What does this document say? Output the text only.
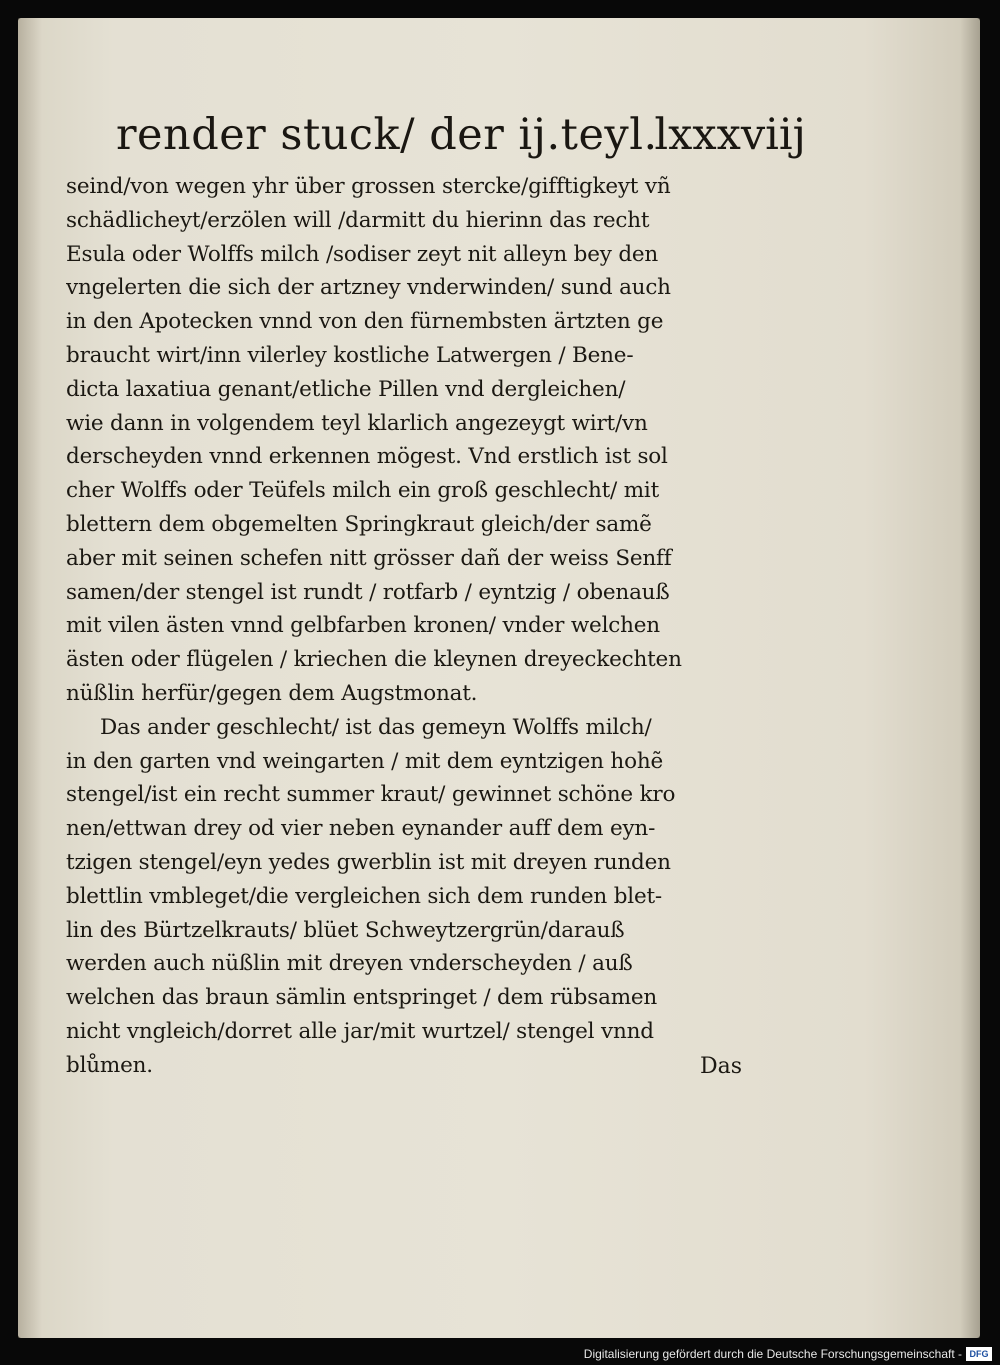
render stuck/ der ij.teyl.
lxxxviij
seind/von wegen yhr über grossen stercke/gifftigkeyt vñ
schädlicheyt/erzölen will /darmitt du hierinn das recht
Esula oder Wolffs milch /sodiser zeyt nit alleyn bey den
vngelerten die sich der artzney vnderwinden/ sund auch
in den Apotecken vnnd von den fürnembsten ärtzten ge
braucht wirt/inn vilerley kostliche Latwergen / Bene-
dicta laxatiua genant/etliche Pillen vnd dergleichen/
wie dann in volgendem teyl klarlich angezeygt wirt/vn
derscheyden vnnd erkennen mögest. Vnd erstlich ist sol
cher Wolffs oder Teüfels milch ein groß geschlecht/ mit
blettern dem obgemelten Springkraut gleich/der samẽ
aber mit seinen schefen nitt grösser dañ der weiss Senff
samen/der stengel ist rundt / rotfarb / eyntzig / obenauß
mit vilen ästen vnnd gelbfarben kronen/ vnder welchen
ästen oder flügelen / kriechen die kleynen dreyeckechten
nüßlin herfür/gegen dem Augstmonat.
Das ander geschlecht/ ist das gemeyn Wolffs milch/
in den garten vnd weingarten / mit dem eyntzigen hohẽ
stengel/ist ein recht summer kraut/ gewinnet schöne kro
nen/ettwan drey od vier neben eynander auff dem eyn-
tzigen stengel/eyn yedes gwerblin ist mit dreyen runden
blettlin vmbleget/die vergleichen sich dem runden blet-
lin des Bürtzelkrauts/ blüet Schweytzergrün/darauß
werden auch nüßlin mit dreyen vnderscheyden / auß
welchen das braun sämlin entspringet / dem rübsamen
nicht vngleich/dorret alle jar/mit wurtzel/ stengel vnnd
blůmen.	Das
Digitalisierung gefördert durch die Deutsche Forschungsgemeinschaft - DFG
